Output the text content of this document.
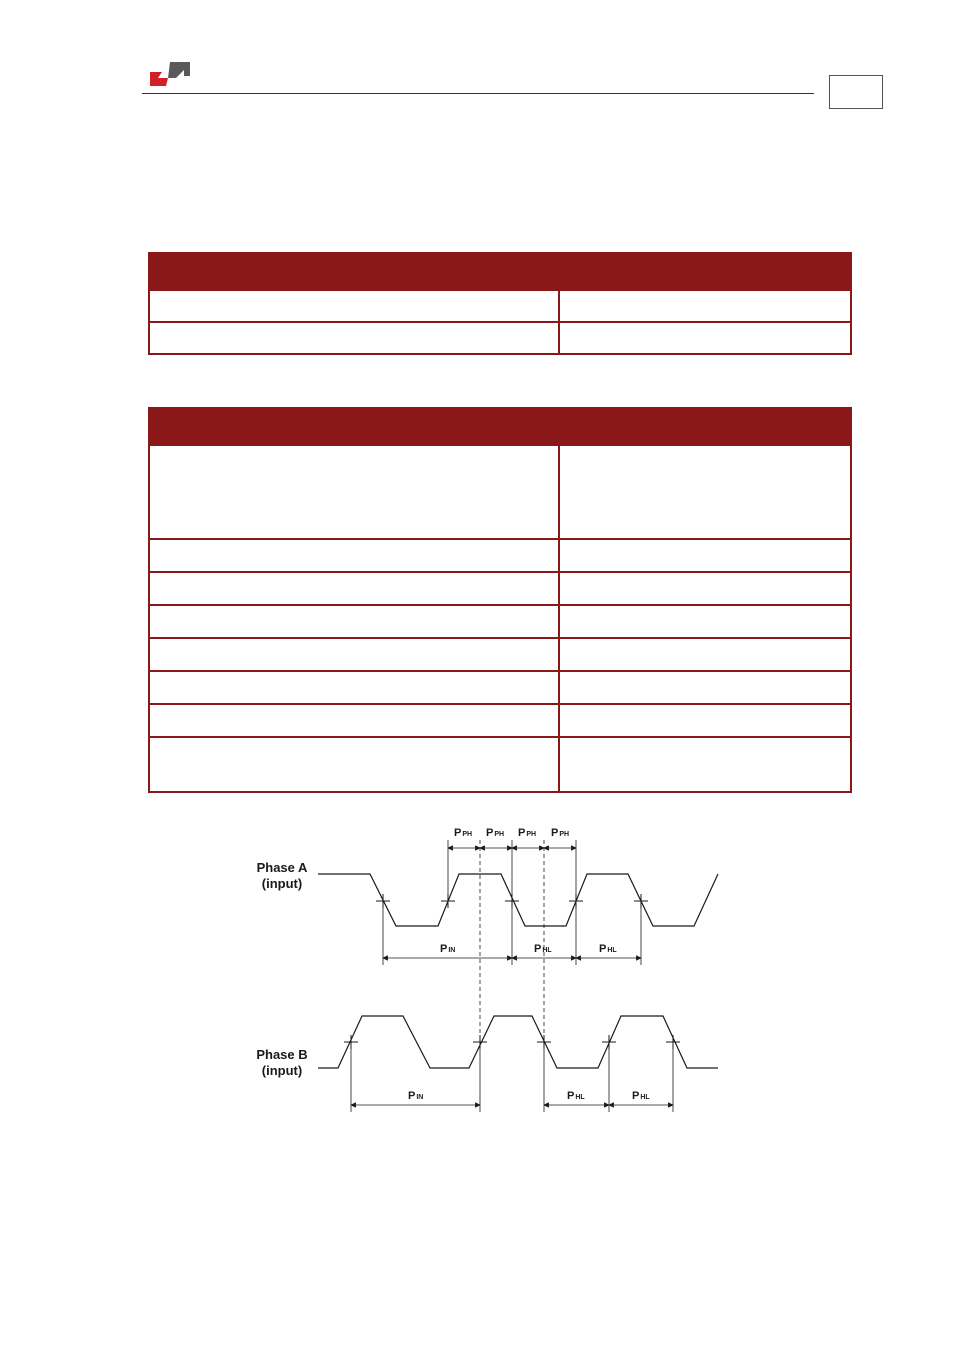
Phase A
(input)
PPH PPH PPH PPH
PIN	PHL	PHL
Phase B
(input)
PIN	PHL	PHL
